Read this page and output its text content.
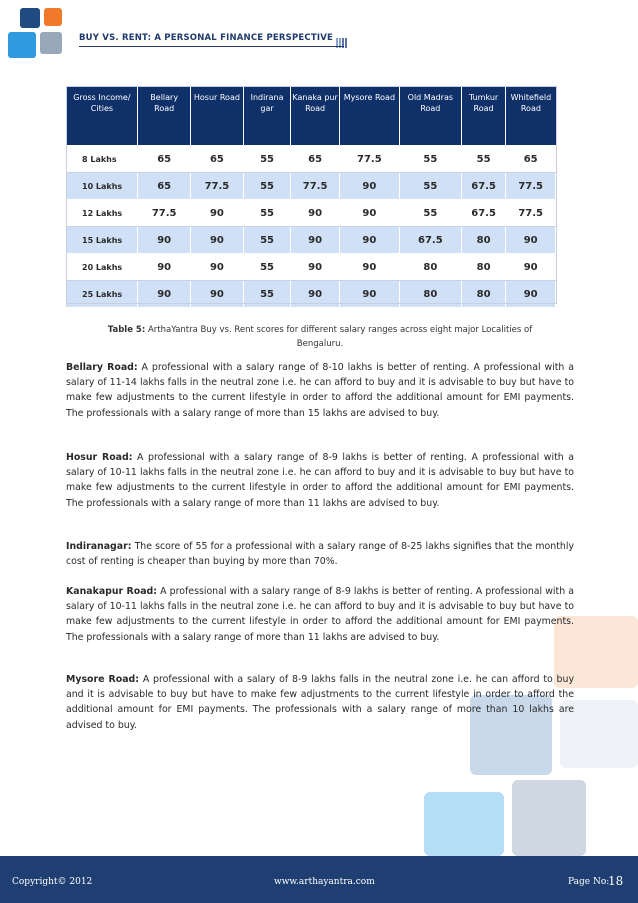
BUY VS. RENT: A PERSONAL FINANCE PERSPECTIVE
Gross Income/ Cities	Bellary Road	Hosur Road	Indirana gar	Kanaka pur Road	Mysore Road	Old Madras Road	Tumkur Road	Whitefield Road
8 Lakhs	65	65	55	65	77.5	55	55	65
10 Lakhs	65	77.5	55	77.5	90	55	67.5	77.5
12 Lakhs	77.5	90	55	90	90	55	67.5	77.5
15 Lakhs	90	90	55	90	90	67.5	80	90
20 Lakhs	90	90	55	90	90	80	80	90
25 Lakhs	90	90	55	90	90	80	80	90
Table 5: ArthaYantra Buy vs. Rent scores for different salary ranges across eight major Localities of Bengaluru.
Bellary Road: A professional with a salary range of 8-10 lakhs is better of renting. A professional with a salary of 11-14 lakhs falls in the neutral zone i.e. he can afford to buy and it is advisable to buy but have to make few adjustments to the current lifestyle in order to afford the additional amount for EMI payments. The professionals with a salary range of more than 15 lakhs are advised to buy.
Hosur Road: A professional with a salary range of 8-9 lakhs is better of renting. A professional with a salary of 10-11 lakhs falls in the neutral zone i.e. he can afford to buy and it is advisable to buy but have to make few adjustments to the current lifestyle in order to afford the additional amount for EMI payments. The professionals with a salary range of more than 11 lakhs are advised to buy.
Indiranagar: The score of 55 for a professional with a salary range of 8-25 lakhs signifies that the monthly cost of renting is cheaper than buying by more than 70%.
Kanakapur Road: A professional with a salary range of 8-9 lakhs is better of renting. A professional with a salary of 10-11 lakhs falls in the neutral zone i.e. he can afford to buy and it is advisable to buy but have to make few adjustments to the current lifestyle in order to afford the additional amount for EMI payments. The professionals with a salary range of more than 11 lakhs are advised to buy.
Mysore Road: A professional with a salary of 8-9 lakhs falls in the neutral zone i.e. he can afford to buy and it is advisable to buy but have to make few adjustments to the current lifestyle in order to afford the additional amount for EMI payments. The professionals with a salary range of more than 10 lakhs are advised to buy.
Copyright© 2012	www.arthayantra.com	Page No:
18
